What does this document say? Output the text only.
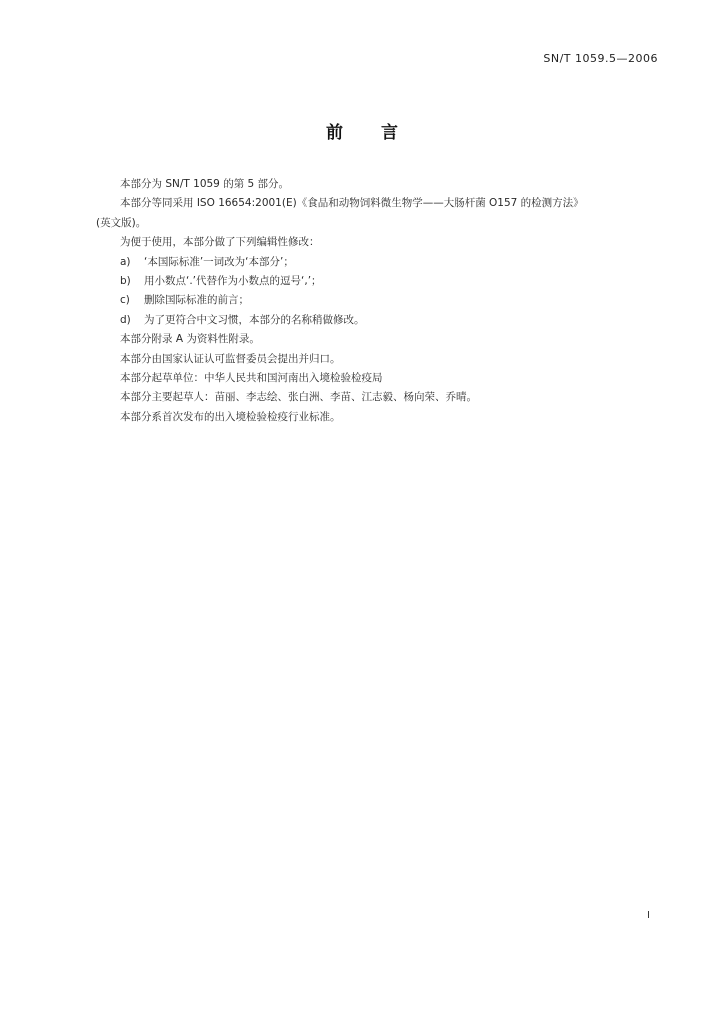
SN/T 1059.5—2006
前言

本部分为 SN/T 1059 的第 5 部分。

本部分等同采用 ISO 16654:2001(E)《食品和动物饲料微生物学——大肠杆菌 O157 的检测方法》

(英文版)。

为便于使用，本部分做了下列编辑性修改：

a) ‘本国际标准’一词改为‘本部分’；
b) 用小数点‘.’代替作为小数点的逗号‘,’；
c) 删除国际标准的前言；
d) 为了更符合中文习惯，本部分的名称稍做修改。

本部分附录 A 为资料性附录。

本部分由国家认证认可监督委员会提出并归口。

本部分起草单位：中华人民共和国河南出入境检验检疫局

本部分主要起草人：苗丽、李志绘、张白洲、李苗、江志毅、杨向荣、乔晴。

本部分系首次发布的出入境检验检疫行业标准。

I
